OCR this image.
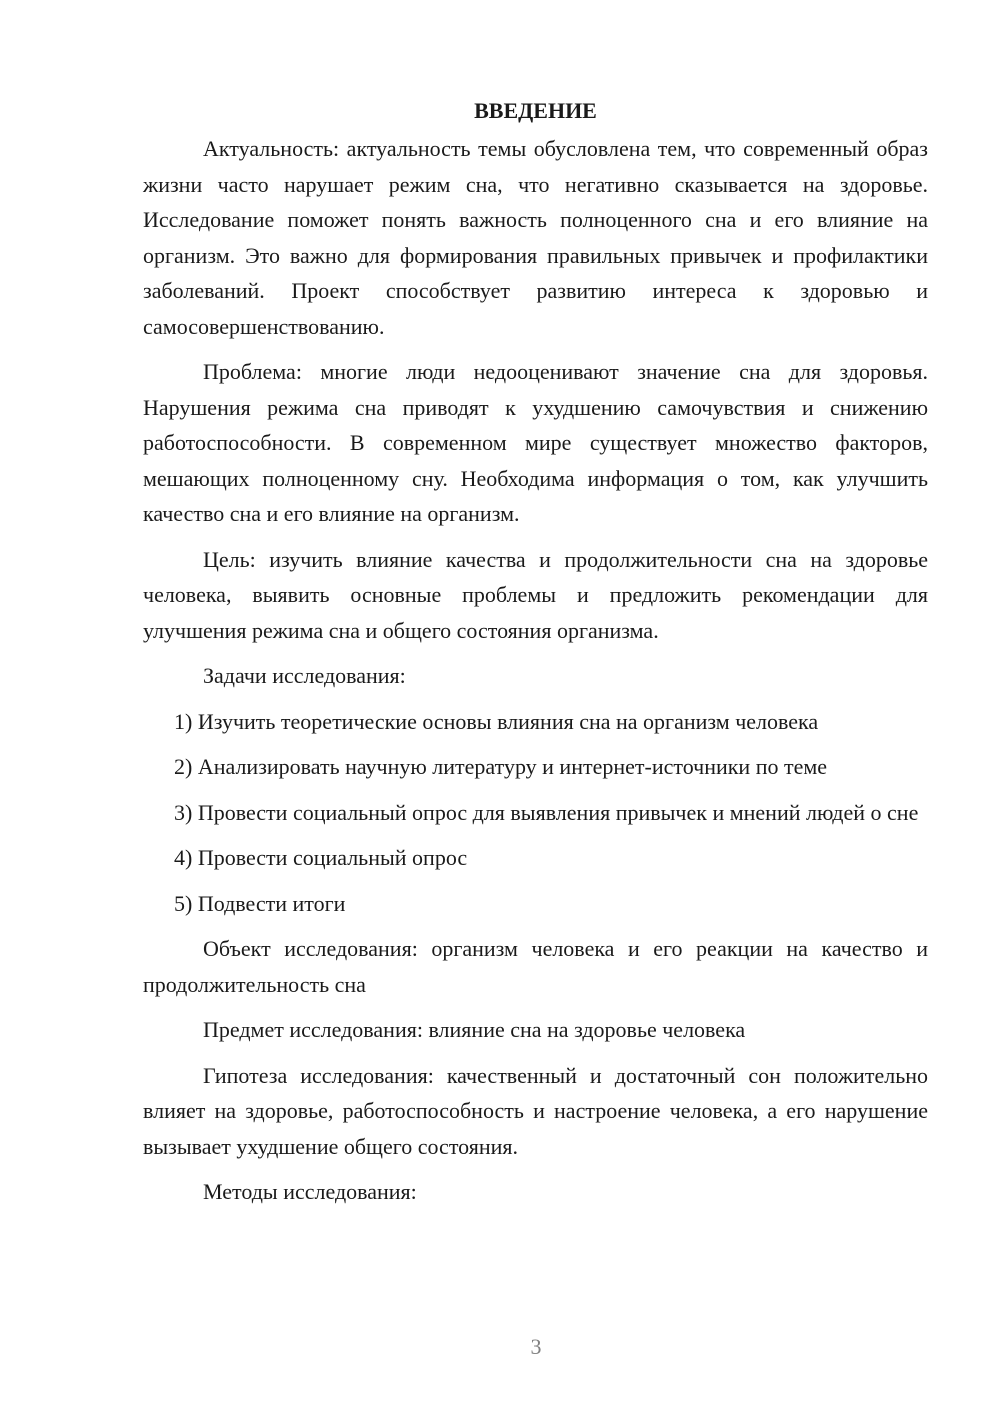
ВВЕДЕНИЕ

Актуальность: актуальность темы обусловлена тем, что современный образ жизни часто нарушает режим сна, что негативно сказывается на здоровье. Исследование поможет понять важность полноценного сна и его влияние на организм. Это важно для формирования правильных привычек и профилактики заболеваний. Проект способствует развитию интереса к здоровью и самосовершенствованию.

Проблема: многие люди недооценивают значение сна для здоровья. Нарушения режима сна приводят к ухудшению самочувствия и снижению работоспособности. В современном мире существует множество факторов, мешающих полноценному сну. Необходима информация о том, как улучшить качество сна и его влияние на организм.

Цель: изучить влияние качества и продолжительности сна на здоровье человека, выявить основные проблемы и предложить рекомендации для улучшения режима сна и общего состояния организма.

Задачи исследования:

1) Изучить теоретические основы влияния сна на организм человека

2) Анализировать научную литературу и интернет-источники по теме

3) Провести социальный опрос для выявления привычек и мнений людей о сне

4) Провести социальный опрос

5) Подвести итоги

Объект исследования: организм человека и его реакции на качество и продолжительность сна

Предмет исследования: влияние сна на здоровье человека

Гипотеза исследования: качественный и достаточный сон положительно влияет на здоровье, работоспособность и настроение человека, а его нарушение вызывает ухудшение общего состояния.

Методы исследования:

3
